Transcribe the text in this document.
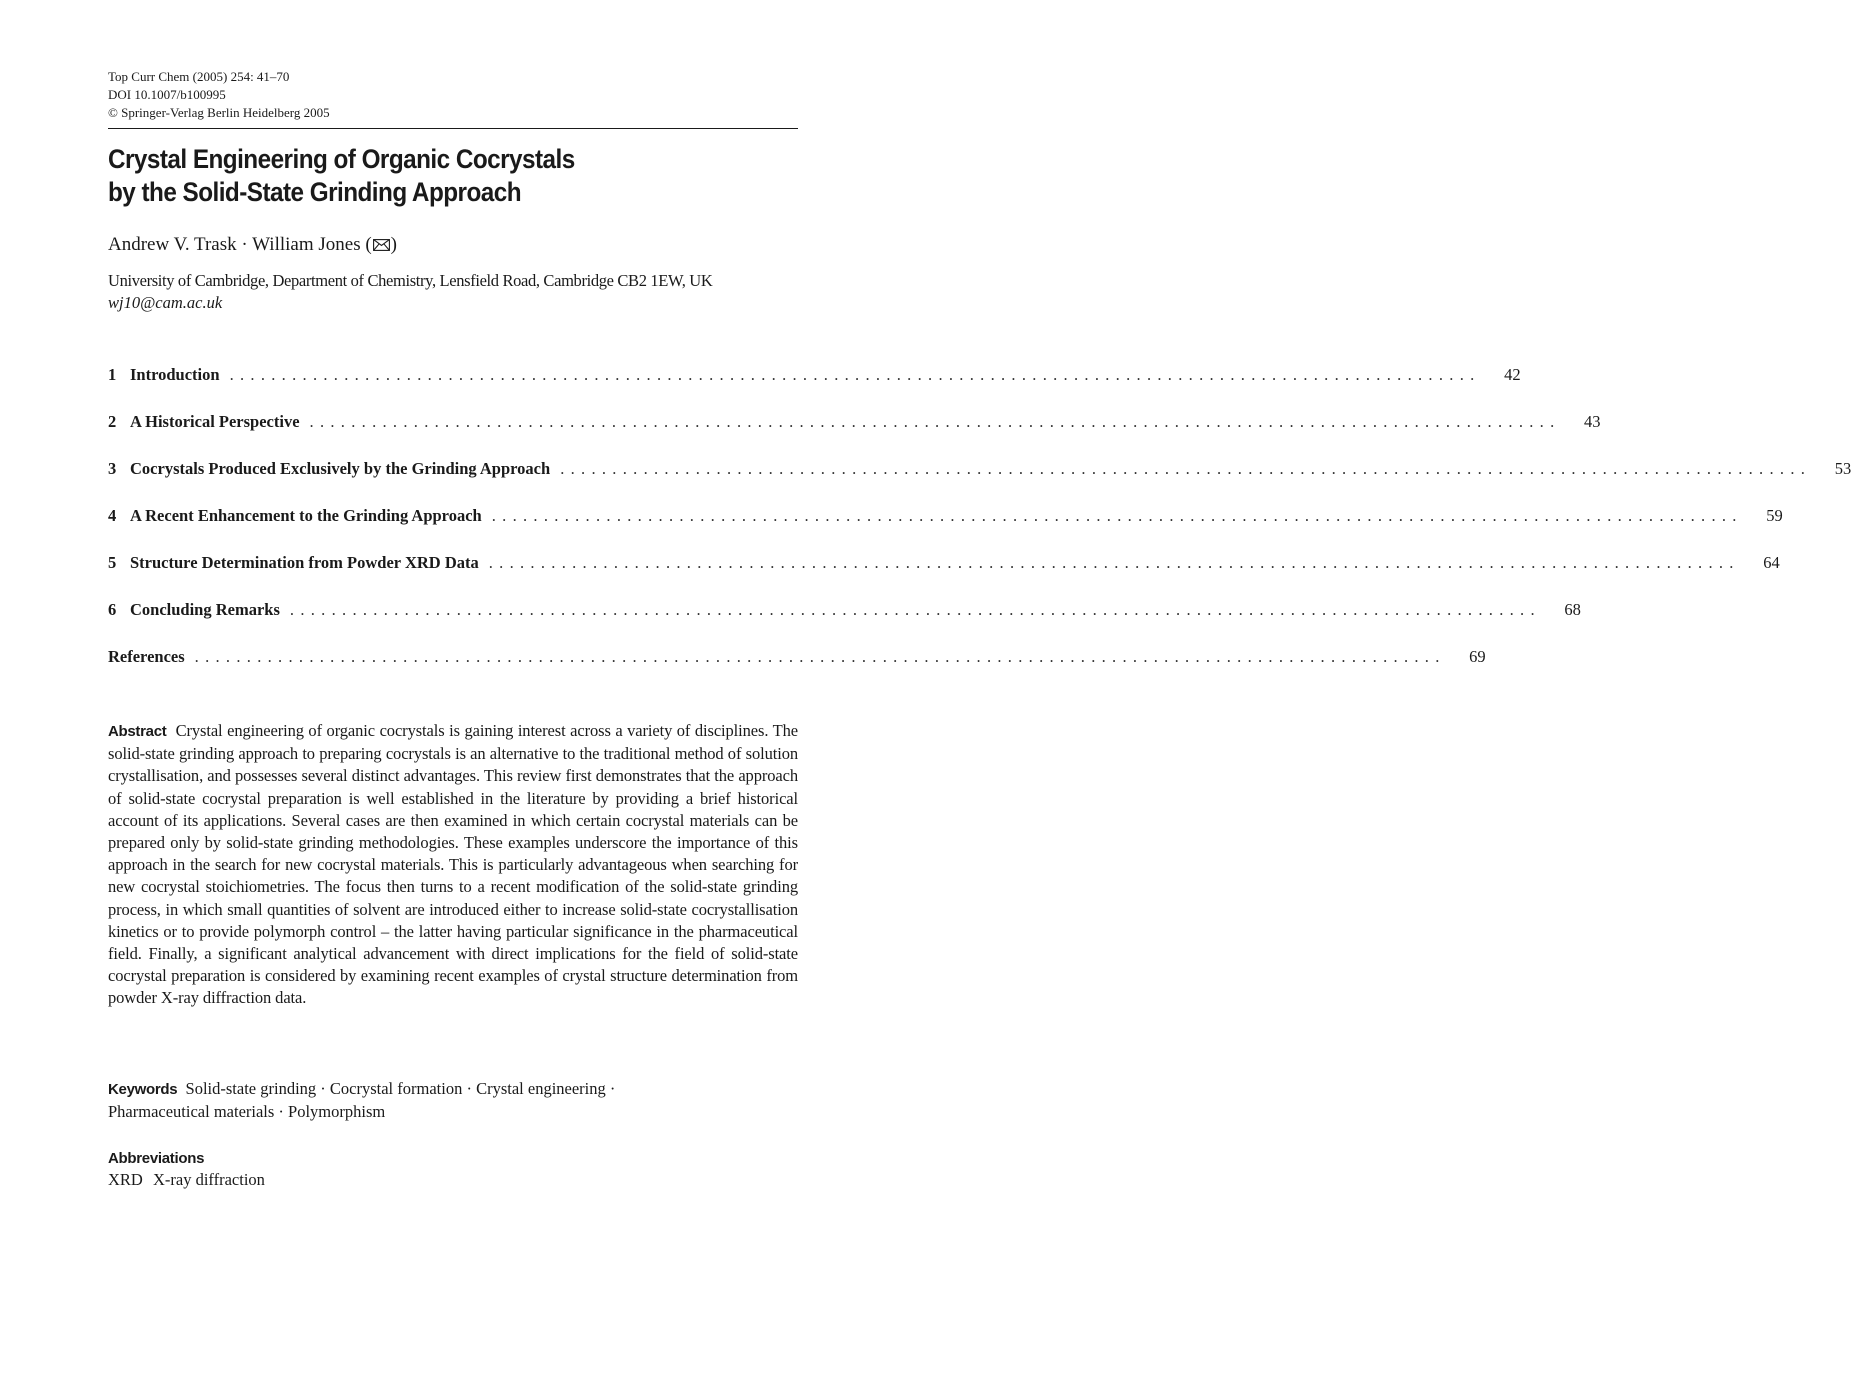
Top Curr Chem (2005) 254: 41–70
DOI 10.1007/b100995
© Springer-Verlag Berlin Heidelberg 2005
Crystal Engineering of Organic Cocrystals
by the Solid-State Grinding Approach
Andrew V. Trask · William Jones ( )
University of Cambridge, Department of Chemistry, Lensfield Road, Cambridge CB2 1EW, UK
wj10@cam.ac.uk
1 Introduction ........................................................................................................................	42
2 A Historical Perspective ........................................................................................................................	43
3 Cocrystals Produced Exclusively by the Grinding Approach ........................................................................................................................	53
4 A Recent Enhancement to the Grinding Approach ........................................................................................................................	59
5 Structure Determination from Powder XRD Data ........................................................................................................................	64
6 Concluding Remarks ........................................................................................................................	68
References ........................................................................................................................	69

Abstract Crystal engineering of organic cocrystals is gaining interest across a variety of disciplines. The solid-state grinding approach to preparing cocrystals is an alternative to the traditional method of solution crystallisation, and possesses several distinct advantages. This review first demonstrates that the approach of solid-state cocrystal preparation is well established in the literature by providing a brief historical account of its applications. Several cases are then examined in which certain cocrystal materials can be prepared only by solid-state grinding methodologies. These examples underscore the importance of this approach in the search for new cocrystal materials. This is particularly advantageous when searching for new cocrystal stoichiometries. The focus then turns to a recent modification of the solid-state grinding process, in which small quantities of solvent are introduced either to increase solid-state cocrystallisation kinetics or to provide polymorph control – the latter having particular significance in the pharmaceutical field. Finally, a significant analytical advancement with direct implications for the field of solid-state cocrystal preparation is considered by examining recent examples of crystal structure determination from powder X-ray diffraction data.

Keywords Solid-state grinding · Cocrystal formation · Crystal engineering ·
Pharmaceutical materials · Polymorphism

Abbreviations
XRD X-ray diffraction
